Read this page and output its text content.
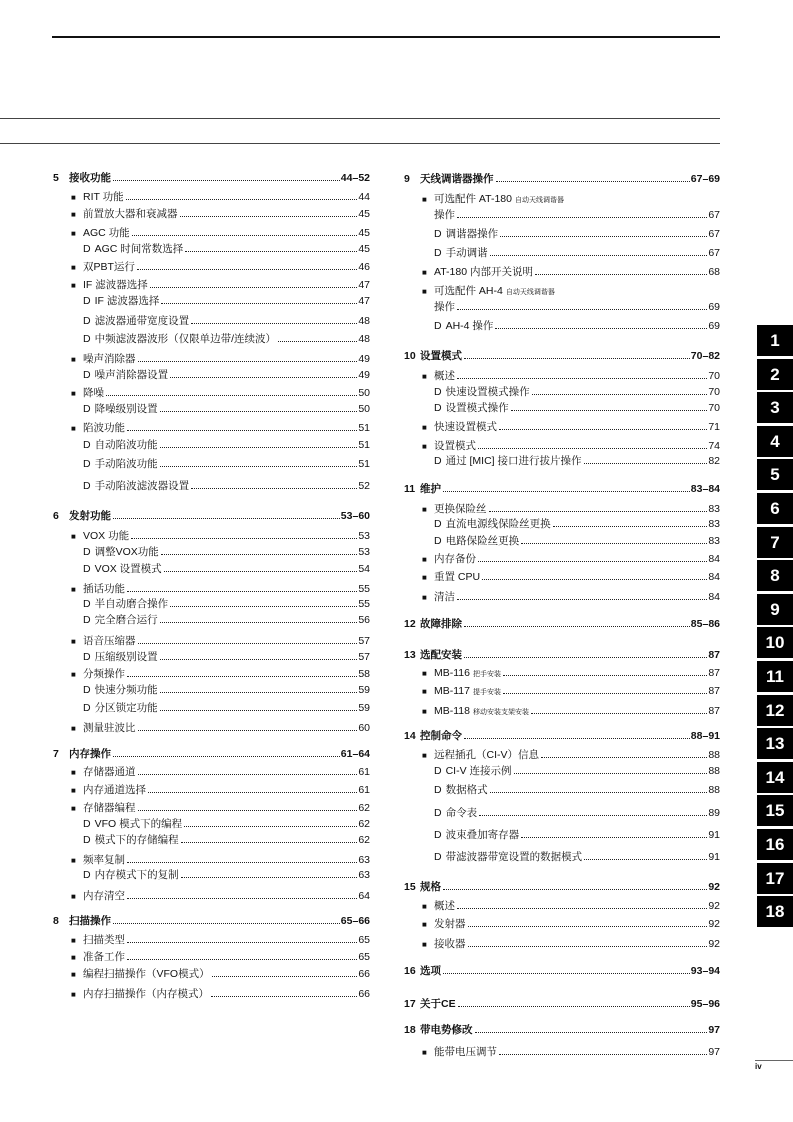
5 接收功能	44–52
■ RIT 功能	44
■ 前置放大器和衰减器	45
■ AGC 功能	45
D AGC 时间常数选择	45
■ 双PBT运行	46
■ IF 滤波器选择	47
D IF 滤波器选择	47
D 滤波器通带宽度设置	48
D 中频滤波器波形（仅限单边带/连续波）	48
■ 噪声消除器	49
D 噪声消除器设置	49
■ 降噪	50
D 降噪级别设置	50
■ 陷波功能	51
D 自动陷波功能	51
D 手动陷波功能	51
D 手动陷波滤波器设置	52
6 发射功能	53–60
■ VOX 功能	53
D 调整VOX功能	53
D VOX 设置模式	54
■ 插话功能	55
D 半自动磨合操作	55
D 完全磨合运行	56
■ 语音压缩器	57
D 压缩级别设置	57
■ 分频操作	58
D 快速分频功能	59
D 分区锁定功能	59
■ 测量驻波比	60
7 内存操作	61–64
■ 存储器通道	61
■ 内存通道选择	61
■ 存储器编程	62
D VFO 模式下的编程	62
D 模式下的存储编程	62
■ 频率复制	63
D 内存模式下的复制	63
■ 内存清空	64
8 扫描操作	65–66
■ 扫描类型	65
■ 准备工作	65
■ 编程扫描操作（VFO模式）	66
■ 内存扫描操作（内存模式）	66
9 天线调谐器操作	67–69
■ 可选配件 AT-180 自动天线调谐器
操作	67
D 调谐器操作	67
D 手动调谐	67
■ AT-180 内部开关说明	68
■ 可选配件 AH-4 自动天线调谐器
操作	69
D AH-4 操作	69
10 设置模式	70–82
■ 概述	70
D 快速设置模式操作	70
D 设置模式操作	70
■ 快速设置模式	71
■ 设置模式	74
D 通过 [MIC] 接口进行拔片操作	82
11 维护	83–84
■ 更换保险丝	83
D 直流电源线保险丝更换	83
D 电路保险丝更换	83
■ 内存备份	84
■ 重置 CPU	84
■ 清洁	84
12 故障排除	85–86
13 选配安装	87
■ MB-116 把手安装	87
■ MB-117 提手安装	87
■ MB-118 移动安装支架安装	87
14 控制命令	88–91
■ 远程插孔（CI-V）信息	88
D CI-V 连接示例	88
D 数据格式	88
D 命令表	89
D 波束叠加寄存器	91
D 带滤波器带宽设置的数据模式	91
15 规格	92
■ 概述	92
■ 发射器	92
■ 接收器	92
16 选项	93–94
17 关于CE	95–96
18 带电势修改	97
■ 能带电压调节	97
1
2
3
4
5
6
7
8
9
10
11
12
13
14
15
16
17
18
iv
